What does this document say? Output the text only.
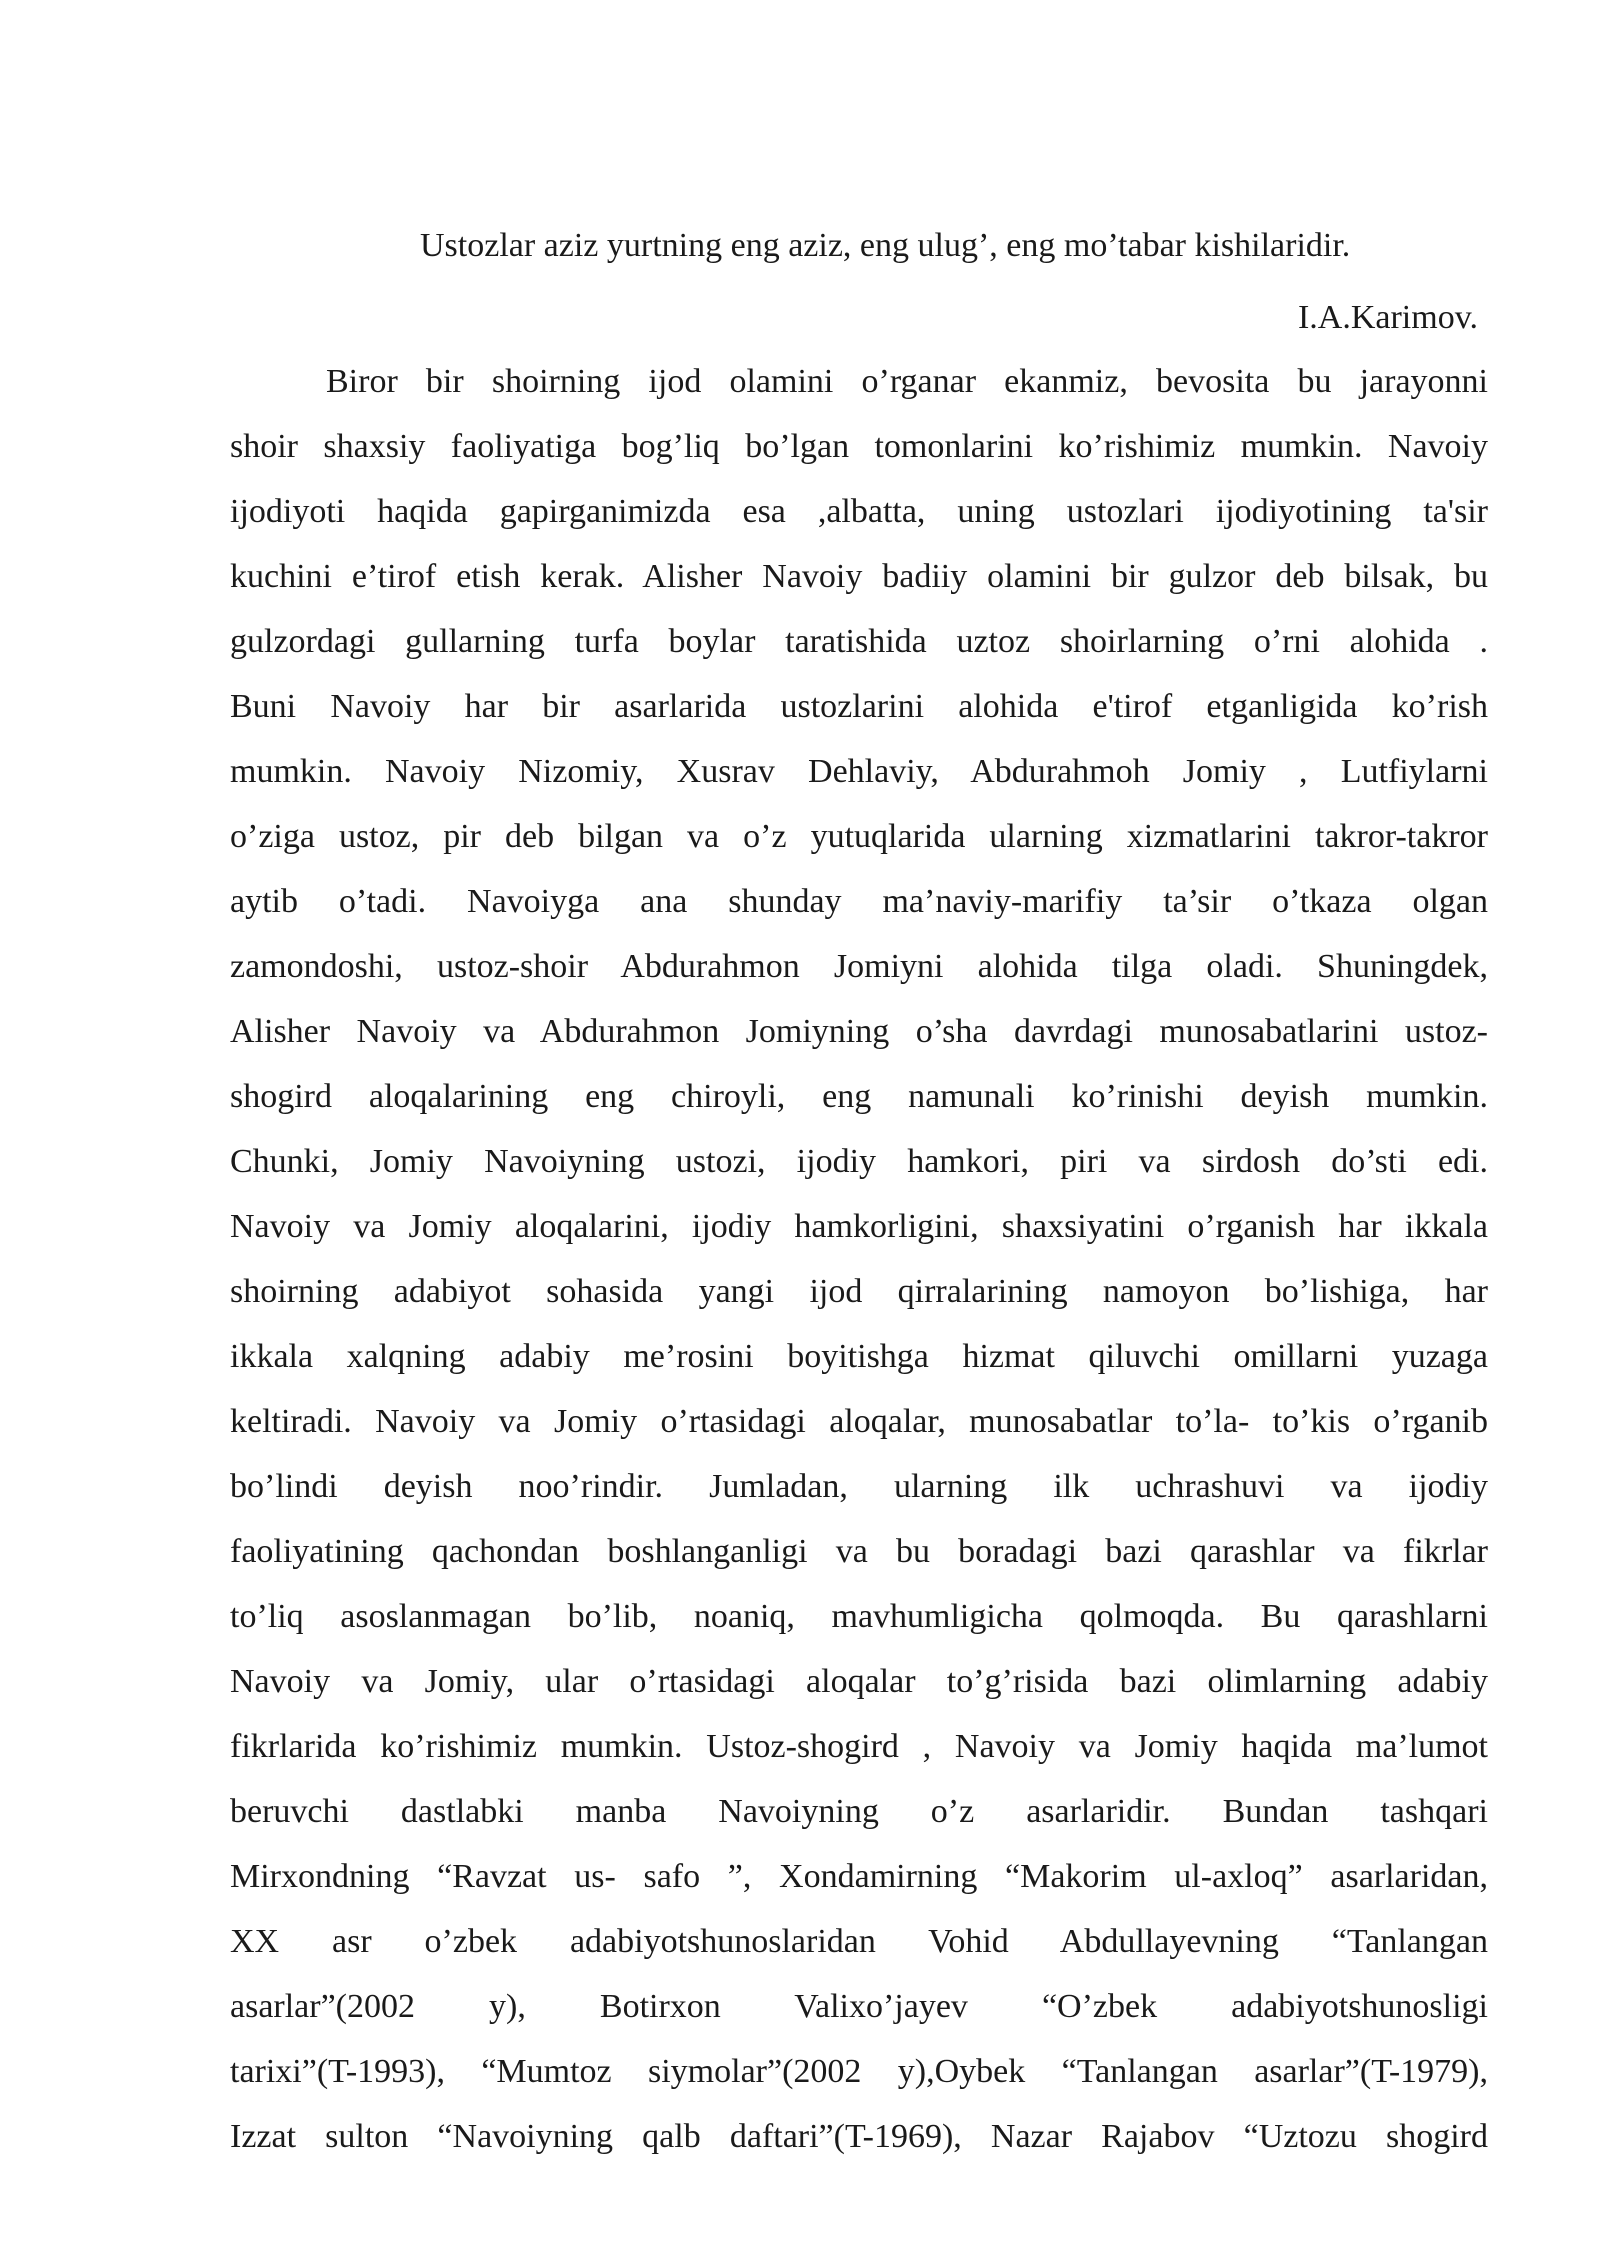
Ustozlar aziz yurtning eng aziz, eng ulug’, eng mo’tabar kishilaridir.
I.A.Karimov.
Biror bir shoirning ijod olamini o’rganar ekanmiz, bevosita bu jarayonni
shoir shaxsiy faoliyatiga bog’liq bo’lgan tomonlarini ko’rishimiz mumkin. Navoiy
ijodiyoti haqida gapirganimizda esa ,albatta, uning ustozlari ijodiyotining ta'sir
kuchini e’tirof etish kerak. Alisher Navoiy badiiy olamini bir gulzor deb bilsak, bu
gulzordagi gullarning turfa boylar taratishida uztoz shoirlarning o’rni alohida .
Buni Navoiy har bir asarlarida ustozlarini alohida e'tirof etganligida ko’rish
mumkin. Navoiy Nizomiy, Xusrav Dehlaviy, Abdurahmoh Jomiy , Lutfiylarni
o’ziga ustoz, pir deb bilgan va o’z yutuqlarida ularning xizmatlarini takror-takror
aytib o’tadi. Navoiyga ana shunday ma’naviy-marifiy ta’sir o’tkaza olgan
zamondoshi, ustoz-shoir Abdurahmon Jomiyni alohida tilga oladi. Shuningdek,
Alisher Navoiy va Abdurahmon Jomiyning o’sha davrdagi munosabatlarini ustoz-
shogird aloqalarining eng chiroyli, eng namunali ko’rinishi deyish mumkin.
Chunki, Jomiy Navoiyning ustozi, ijodiy hamkori, piri va sirdosh do’sti edi.
Navoiy va Jomiy aloqalarini, ijodiy hamkorligini, shaxsiyatini o’rganish har ikkala
shoirning adabiyot sohasida yangi ijod qirralarining namoyon bo’lishiga, har
ikkala xalqning adabiy me’rosini boyitishga hizmat qiluvchi omillarni yuzaga
keltiradi. Navoiy va Jomiy o’rtasidagi aloqalar, munosabatlar to’la- to’kis o’rganib
bo’lindi deyish noo’rindir. Jumladan, ularning ilk uchrashuvi va ijodiy
faoliyatining qachondan boshlanganligi va bu boradagi bazi qarashlar va fikrlar
to’liq asoslanmagan bo’lib, noaniq, mavhumligicha qolmoqda. Bu qarashlarni
Navoiy va Jomiy, ular o’rtasidagi aloqalar to’g’risida bazi olimlarning adabiy
fikrlarida ko’rishimiz mumkin. Ustoz-shogird , Navoiy va Jomiy haqida ma’lumot
beruvchi dastlabki manba Navoiyning o’z asarlaridir. Bundan tashqari
Mirxondning “Ravzat us- safo ”, Xondamirning “Makorim ul-axloq” asarlaridan,
XX asr o’zbek adabiyotshunoslaridan Vohid Abdullayevning “Tanlangan
asarlar”(2002 y), Botirxon Valixo’jayev “O’zbek adabiyotshunosligi
tarixi”(T-1993), “Mumtoz siymolar”(2002 y),Oybek “Tanlangan asarlar”(T-1979),
Izzat sulton “Navoiyning qalb daftari”(T-1969), Nazar Rajabov “Uztozu shogird
